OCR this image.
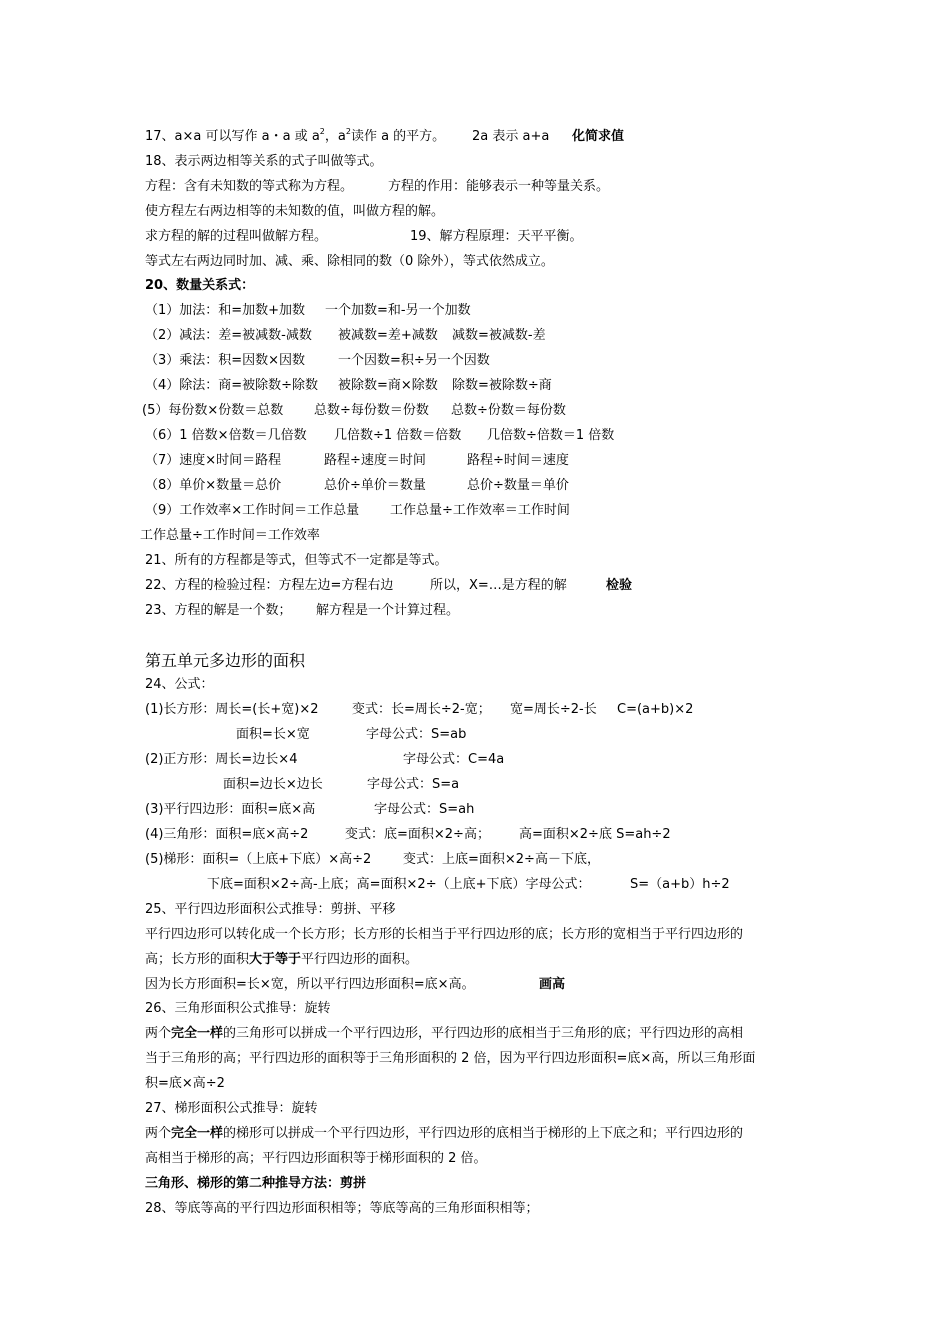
17、a×a 可以写作 a・a 或 $a^2$，$a^2$读作 a 的平方。 2a 表示 a+a 化简求值
18、表示两边相等关系的式子叫做等式。
方程：含有未知数的等式称为方程。	方程的作用：能够表示一种等量关系。
使方程左右两边相等的未知数的值，叫做方程的解。
求方程的解的过程叫做解方程。	19、解方程原理：天平平衡。
等式左右两边同时加、减、乘、除相同的数（0 除外），等式依然成立。
20、数量关系式：
（1）加法：和=加数+加数 一个加数=和-另一个加数
（2）减法：差=被减数-减数 被减数=差+减数 减数=被减数-差
（3）乘法：积=因数×因数	一个因数=积÷另一个因数
（4）除法：商=被除数÷除数 被除数=商×除数 除数=被除数÷商
(5）每份数×份数＝总数 总数÷每份数＝份数 总数÷份数＝每份数
（6）1 倍数×倍数＝几倍数 几倍数÷1 倍数＝倍数 几倍数÷倍数＝1 倍数
（7）速度×时间＝路程	路程÷速度＝时间	路程÷时间＝速度
（8）单价×数量＝总价	总价÷单价＝数量	总价÷数量＝单价
（9）工作效率×工作时间＝工作总量 工作总量÷工作效率＝工作时间
工作总量÷工作时间＝工作效率
21、所有的方程都是等式，但等式不一定都是等式。
22、方程的检验过程：方程左边=方程右边	所以，X=…是方程的解	检验
23、方程的解是一个数； 解方程是一个计算过程。
第五单元多边形的面积
24、公式：
(1)长方形：周长=(长+宽)×2	变式：长=周长÷2-宽； 宽=周长÷2-长 C=(a+b)×2
面积=长×宽	字母公式：S=ab
(2)正方形：周长=边长×4	字母公式：C=4a
面积=边长×边长	字母公式：S=a
(3)平行四边形：面积=底×高	字母公式：S=ah
(4)三角形：面积=底×高÷2	变式：底=面积×2÷高； 高=面积×2÷底 S=ah÷2
(5)梯形：面积=（上底+下底）×高÷2 变式：上底=面积×2÷高－下底，
下底=面积×2÷高-上底；高=面积×2÷（上底+下底）字母公式：	S=（a+b）h÷2
25、平行四边形面积公式推导：剪拼、平移
平行四边形可以转化成一个长方形；长方形的长相当于平行四边形的底；长方形的宽相当于平行四边形的
高；长方形的面积大于等于平行四边形的面积。
因为长方形面积=长×宽，所以平行四边形面积=底×高。	画高
26、三角形面积公式推导：旋转
两个完全一样的三角形可以拼成一个平行四边形，平行四边形的底相当于三角形的底；平行四边形的高相
当于三角形的高；平行四边形的面积等于三角形面积的 2 倍，因为平行四边形面积=底×高，所以三角形面
积=底×高÷2
27、梯形面积公式推导：旋转
两个完全一样的梯形可以拼成一个平行四边形，平行四边形的底相当于梯形的上下底之和；平行四边形的
高相当于梯形的高；平行四边形面积等于梯形面积的 2 倍。
三角形、梯形的第二种推导方法：剪拼
28、等底等高的平行四边形面积相等；等底等高的三角形面积相等；
